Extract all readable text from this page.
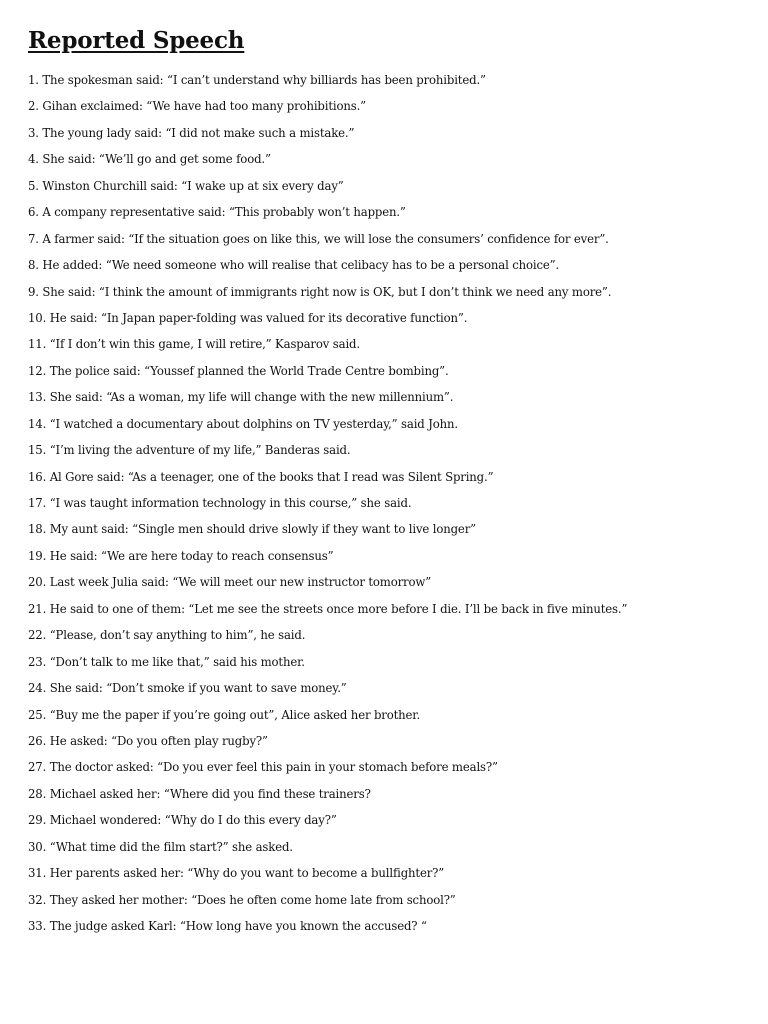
Reported Speech
1. The spokesman said: “I can’t understand why billiards has been prohibited.”
2. Gihan exclaimed: “We have had too many prohibitions.”
3. The young lady said: “I did not make such a mistake.”
4. She said: “We’ll go and get some food.”
5. Winston Churchill said: “I wake up at six every day”
6. A company representative said: “This probably won’t happen.”
7. A farmer said: “If the situation goes on like this, we will lose the consumers’ confidence for ever”.
8. He added: “We need someone who will realise that celibacy has to be a personal choice”.
9. She said: “I think the amount of immigrants right now is OK, but I don’t think we need any more”.
10. He said: “In Japan paper-folding was valued for its decorative function”.
11. “If I don’t win this game, I will retire,” Kasparov said.
12. The police said: “Youssef planned the World Trade Centre bombing”.
13. She said: “As a woman, my life will change with the new millennium”.
14. “I watched a documentary about dolphins on TV yesterday,” said John.
15. “I’m living the adventure of my life,” Banderas said.
16. Al Gore said: “As a teenager, one of the books that I read was Silent Spring.”
17. “I was taught information technology in this course,” she said.
18. My aunt said: “Single men should drive slowly if they want to live longer”
19. He said: “We are here today to reach consensus”
20. Last week Julia said: “We will meet our new instructor tomorrow”
21. He said to one of them: “Let me see the streets once more before I die. I’ll be back in five minutes.”
22. “Please, don’t say anything to him”, he said.
23. “Don’t talk to me like that,” said his mother.
24. She said: “Don’t smoke if you want to save money.”
25. “Buy me the paper if you’re going out”, Alice asked her brother.
26. He asked: “Do you often play rugby?”
27. The doctor asked: “Do you ever feel this pain in your stomach before meals?”
28. Michael asked her: “Where did you find these trainers?
29. Michael wondered: “Why do I do this every day?”
30. “What time did the film start?” she asked.
31. Her parents asked her: “Why do you want to become a bullfighter?”
32. They asked her mother: “Does he often come home late from school?”
33. The judge asked Karl: “How long have you known the accused? “
